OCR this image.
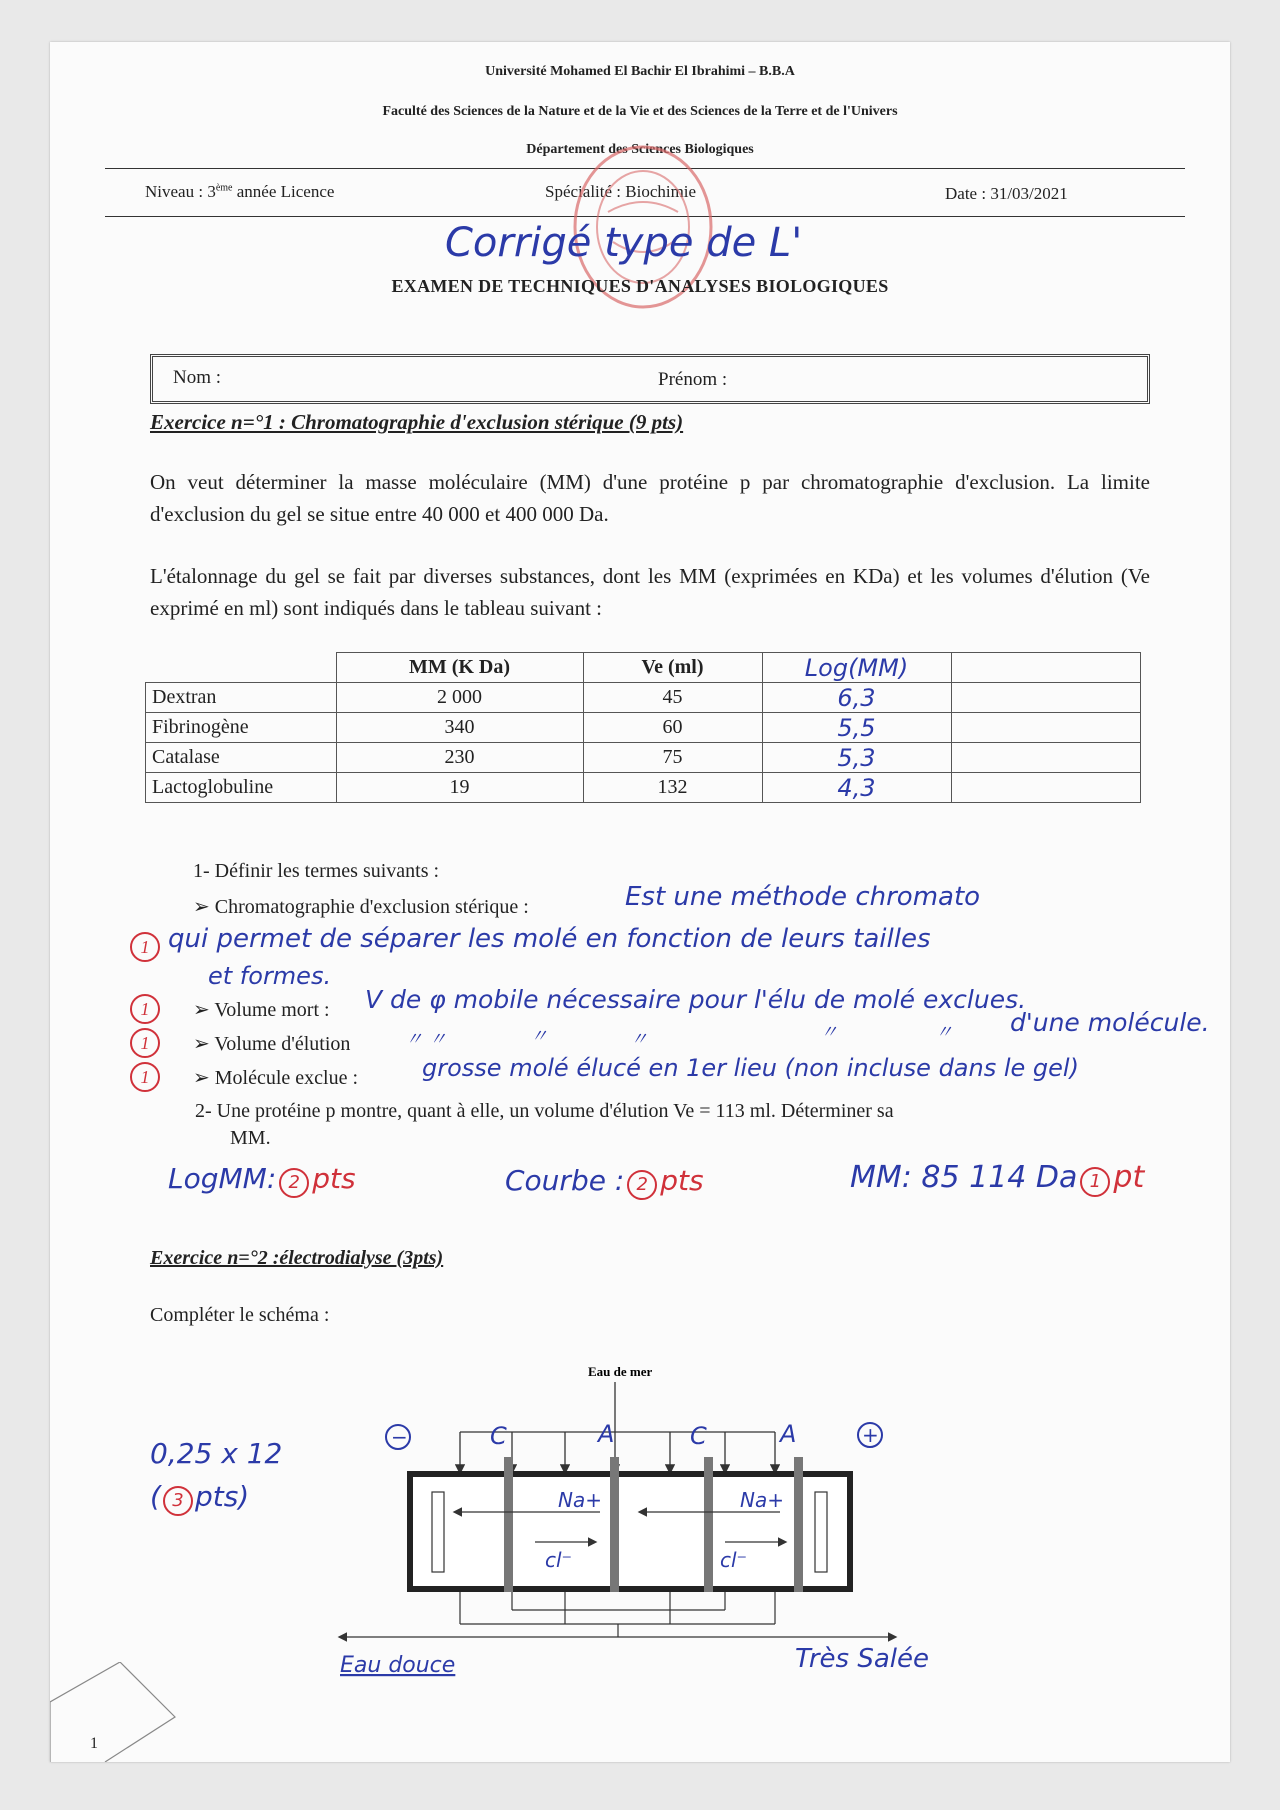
Université Mohamed El Bachir El Ibrahimi – B.B.A
Faculté des Sciences de la Nature et de la Vie et des Sciences de la Terre et de l'Univers
Département des Sciences Biologiques
Niveau : 3ème année Licence	Spécialité : Biochimie	Date : 31/03/2021
Corrigé type de L'
EXAMEN DE TECHNIQUES D'ANALYSES BIOLOGIQUES
Nom :	Prénom :
Exercice n=°1 : Chromatographie d'exclusion stérique (9 pts)
On veut déterminer la masse moléculaire (MM) d'une protéine p par chromatographie d'exclusion. La limite d'exclusion du gel se situe entre 40 000 et 400 000 Da.
L'étalonnage du gel se fait par diverses substances, dont les MM (exprimées en KDa) et les volumes d'élution (Ve exprimé en ml) sont indiqués dans le tableau suivant :
	MM (K Da)	Ve (ml)	Log(MM)	
Dextran	2 000	45	6,3	
Fibrinogène	340	60	5,5	
Catalase	230	75	5,3	
Lactoglobuline	19	132	4,3	
1- Définir les termes suivants :
➢ Chromatographie d'exclusion stérique :	Est une méthode chromato
1 qui permet de séparer les molé en fonction de leurs tailles
et formes.
1	➢ Volume mort : V de φ mobile nécessaire pour l'élu de molé exclues.
1	➢ Volume d'élution	〃 〃	〃	〃	〃	〃 d'une molécule.
1	➢ Molécule exclue :	grosse molé élucé en 1er lieu (non incluse dans le gel)
2- Une protéine p montre, quant à elle, un volume d'élution Ve = 113 ml. Déterminer sa
MM.
LogMM: 2 pts	Courbe : 2 pts	MM: 85 114 Da 1 pt
Exercice n=°2 :électrodialyse (3pts)
Compléter le schéma :
Eau de mer
−	+
C	A	C	A
Na+	Na+
cl⁻	cl⁻
Eau douce	Très Salée
0,25 x 12
( 3 pts)
1
